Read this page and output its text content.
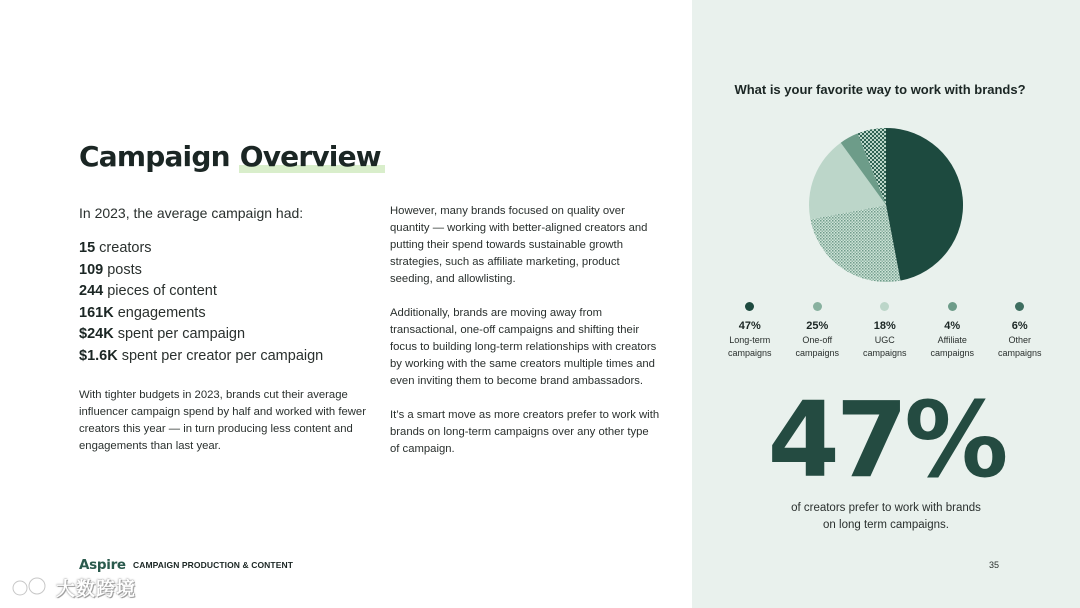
Campaign Overview
In 2023, the average campaign had:
15 creators
109 posts
244 pieces of content
161K engagements
$24K spent per campaign
$1.6K spent per creator per campaign
With tighter budgets in 2023, brands cut their average influencer campaign spend by half and worked with fewer creators this year — in turn producing less content and engagements than last year.

However, many brands focused on quality over quantity — working with better-aligned creators and putting their spend towards sustainable growth strategies, such as affiliate marketing, product seeding, and allowlisting.

Additionally, brands are moving away from transactional, one-off campaigns and shifting their focus to building long-term relationships with creators by working with the same creators multiple times and even inviting them to become brand ambassadors.

It’s a smart move as more creators prefer to work with brands on long-term campaigns over any other type of campaign.

What is your favorite way to work with brands?
47%
Long-term
campaigns
25%
One-off
campaigns
18%
UGC
campaigns
4%
Affiliate
campaigns
6%
Other
campaigns
47%
of creators prefer to work with brands
on long term campaigns.
Aspire CAMPAIGN PRODUCTION & CONTENT	35
大数跨境
